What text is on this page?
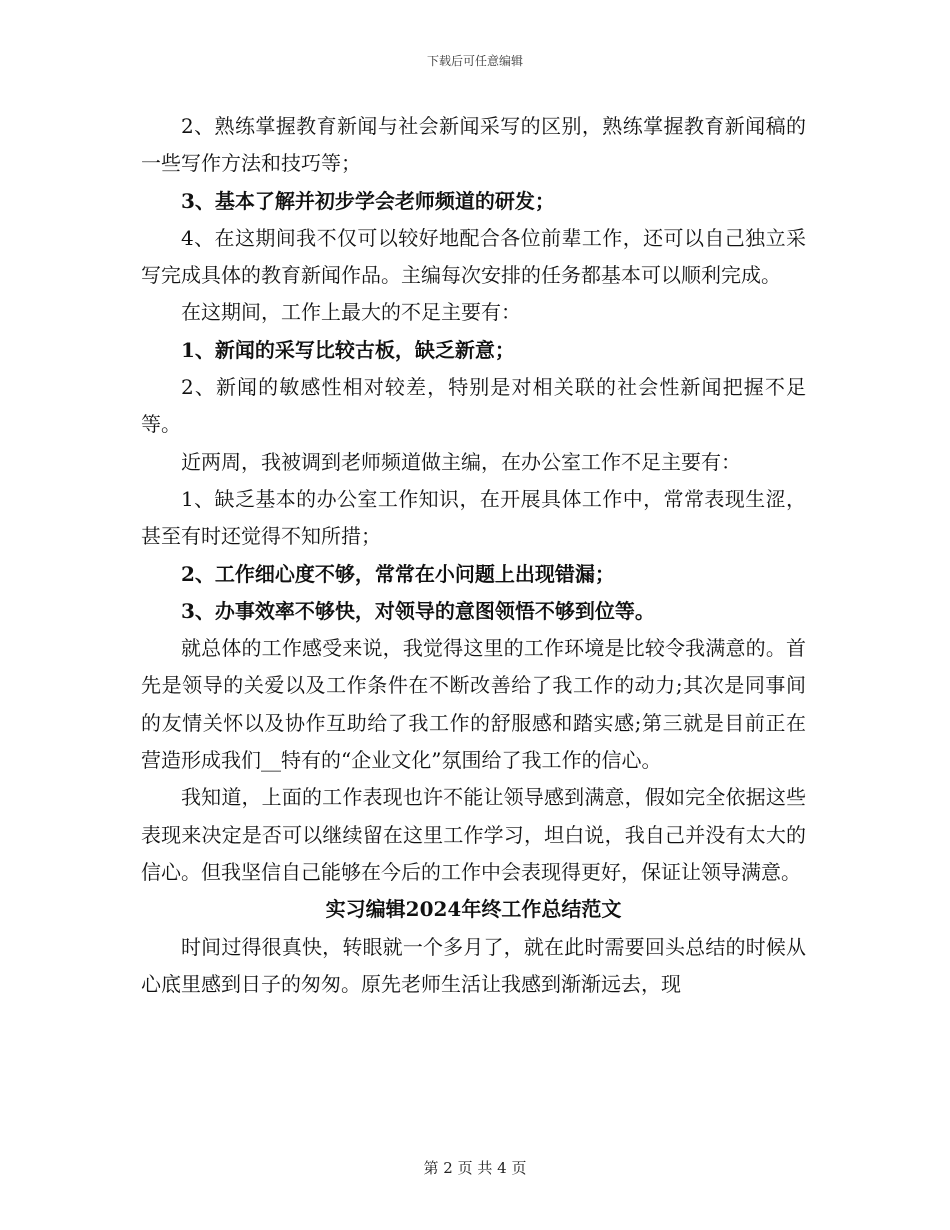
下载后可任意编辑

2、熟练掌握教育新闻与社会新闻采写的区别，熟练掌握教育新闻稿的一些写作方法和技巧等；

3、基本了解并初步学会老师频道的研发；

4、在这期间我不仅可以较好地配合各位前辈工作，还可以自己独立采写完成具体的教育新闻作品。主编每次安排的任务都基本可以顺利完成。

在这期间，工作上最大的不足主要有：

1、新闻的采写比较古板，缺乏新意；

2、新闻的敏感性相对较差，特别是对相关联的社会性新闻把握不足等。

近两周，我被调到老师频道做主编，在办公室工作不足主要有：

1、缺乏基本的办公室工作知识，在开展具体工作中，常常表现生涩，甚至有时还觉得不知所措；

2、工作细心度不够，常常在小问题上出现错漏；

3、办事效率不够快，对领导的意图领悟不够到位等。

就总体的工作感受来说，我觉得这里的工作环境是比较令我满意的。首先是领导的关爱以及工作条件在不断改善给了我工作的动力;其次是同事间的友情关怀以及协作互助给了我工作的舒服感和踏实感;第三就是目前正在营造形成我们__特有的“企业文化”氛围给了我工作的信心。

我知道，上面的工作表现也许不能让领导感到满意，假如完全依据这些表现来决定是否可以继续留在这里工作学习，坦白说，我自己并没有太大的信心。但我坚信自己能够在今后的工作中会表现得更好，保证让领导满意。

实习编辑2024年终工作总结范文

时间过得很真快，转眼就一个多月了，就在此时需要回头总结的时候从心底里感到日子的匆匆。原先老师生活让我感到渐渐远去，现

第 2 页 共 4 页
